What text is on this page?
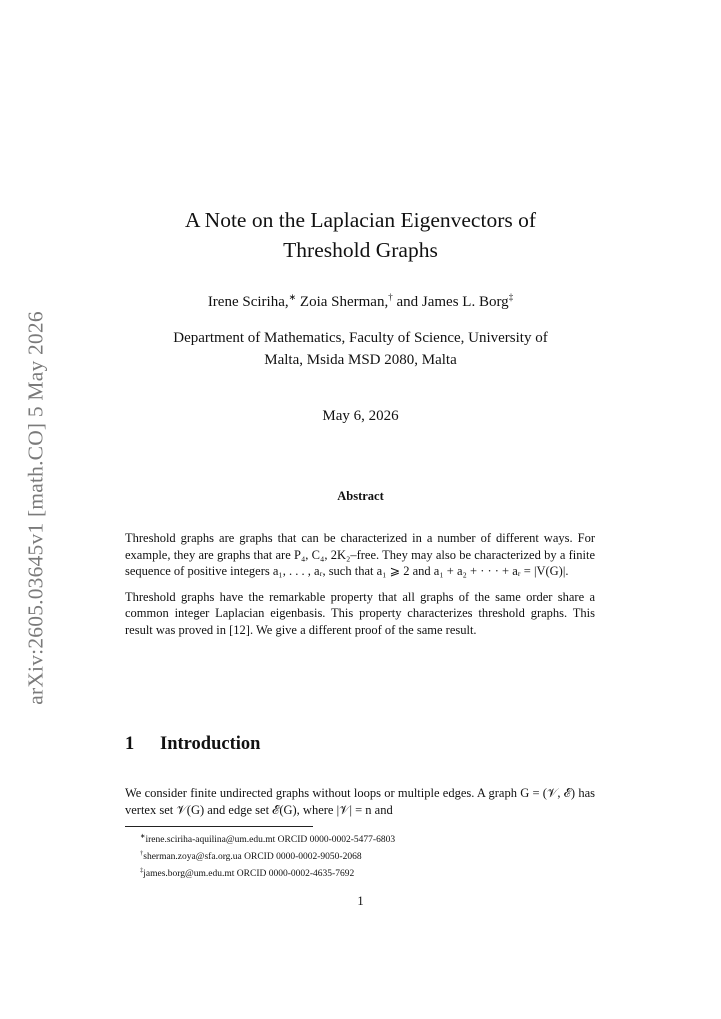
arXiv:2605.03645v1 [math.CO] 5 May 2026
A Note on the Laplacian Eigenvectors of
Threshold Graphs
Irene Sciriha,∗ Zoia Sherman,† and James L. Borg‡
Department of Mathematics, Faculty of Science, University of
Malta, Msida MSD 2080, Malta
May 6, 2026
Abstract

Threshold graphs are graphs that can be characterized in a number of different ways. For example, they are graphs that are P₄, C₄, 2K₂–free. They may also be characterized by a finite sequence of positive integers a₁, . . . , aᵣ, such that a₁ ⩾ 2 and a₁ + a₂ + · · · + aᵣ = |V(G)|.

Threshold graphs have the remarkable property that all graphs of the same order share a common integer Laplacian eigenbasis. This property characterizes threshold graphs. This result was proved in [12]. We give a different proof of the same result.

1 Introduction

We consider finite undirected graphs without loops or multiple edges. A graph G = (𝒱, ℰ) has vertex set 𝒱(G) and edge set ℰ(G), where |𝒱| = n and

∗irene.sciriha-aquilina@um.edu.mt ORCID 0000-0002-5477-6803
†sherman.zoya@sfa.org.ua ORCID 0000-0002-9050-2068
‡james.borg@um.edu.mt ORCID 0000-0002-4635-7692
1
